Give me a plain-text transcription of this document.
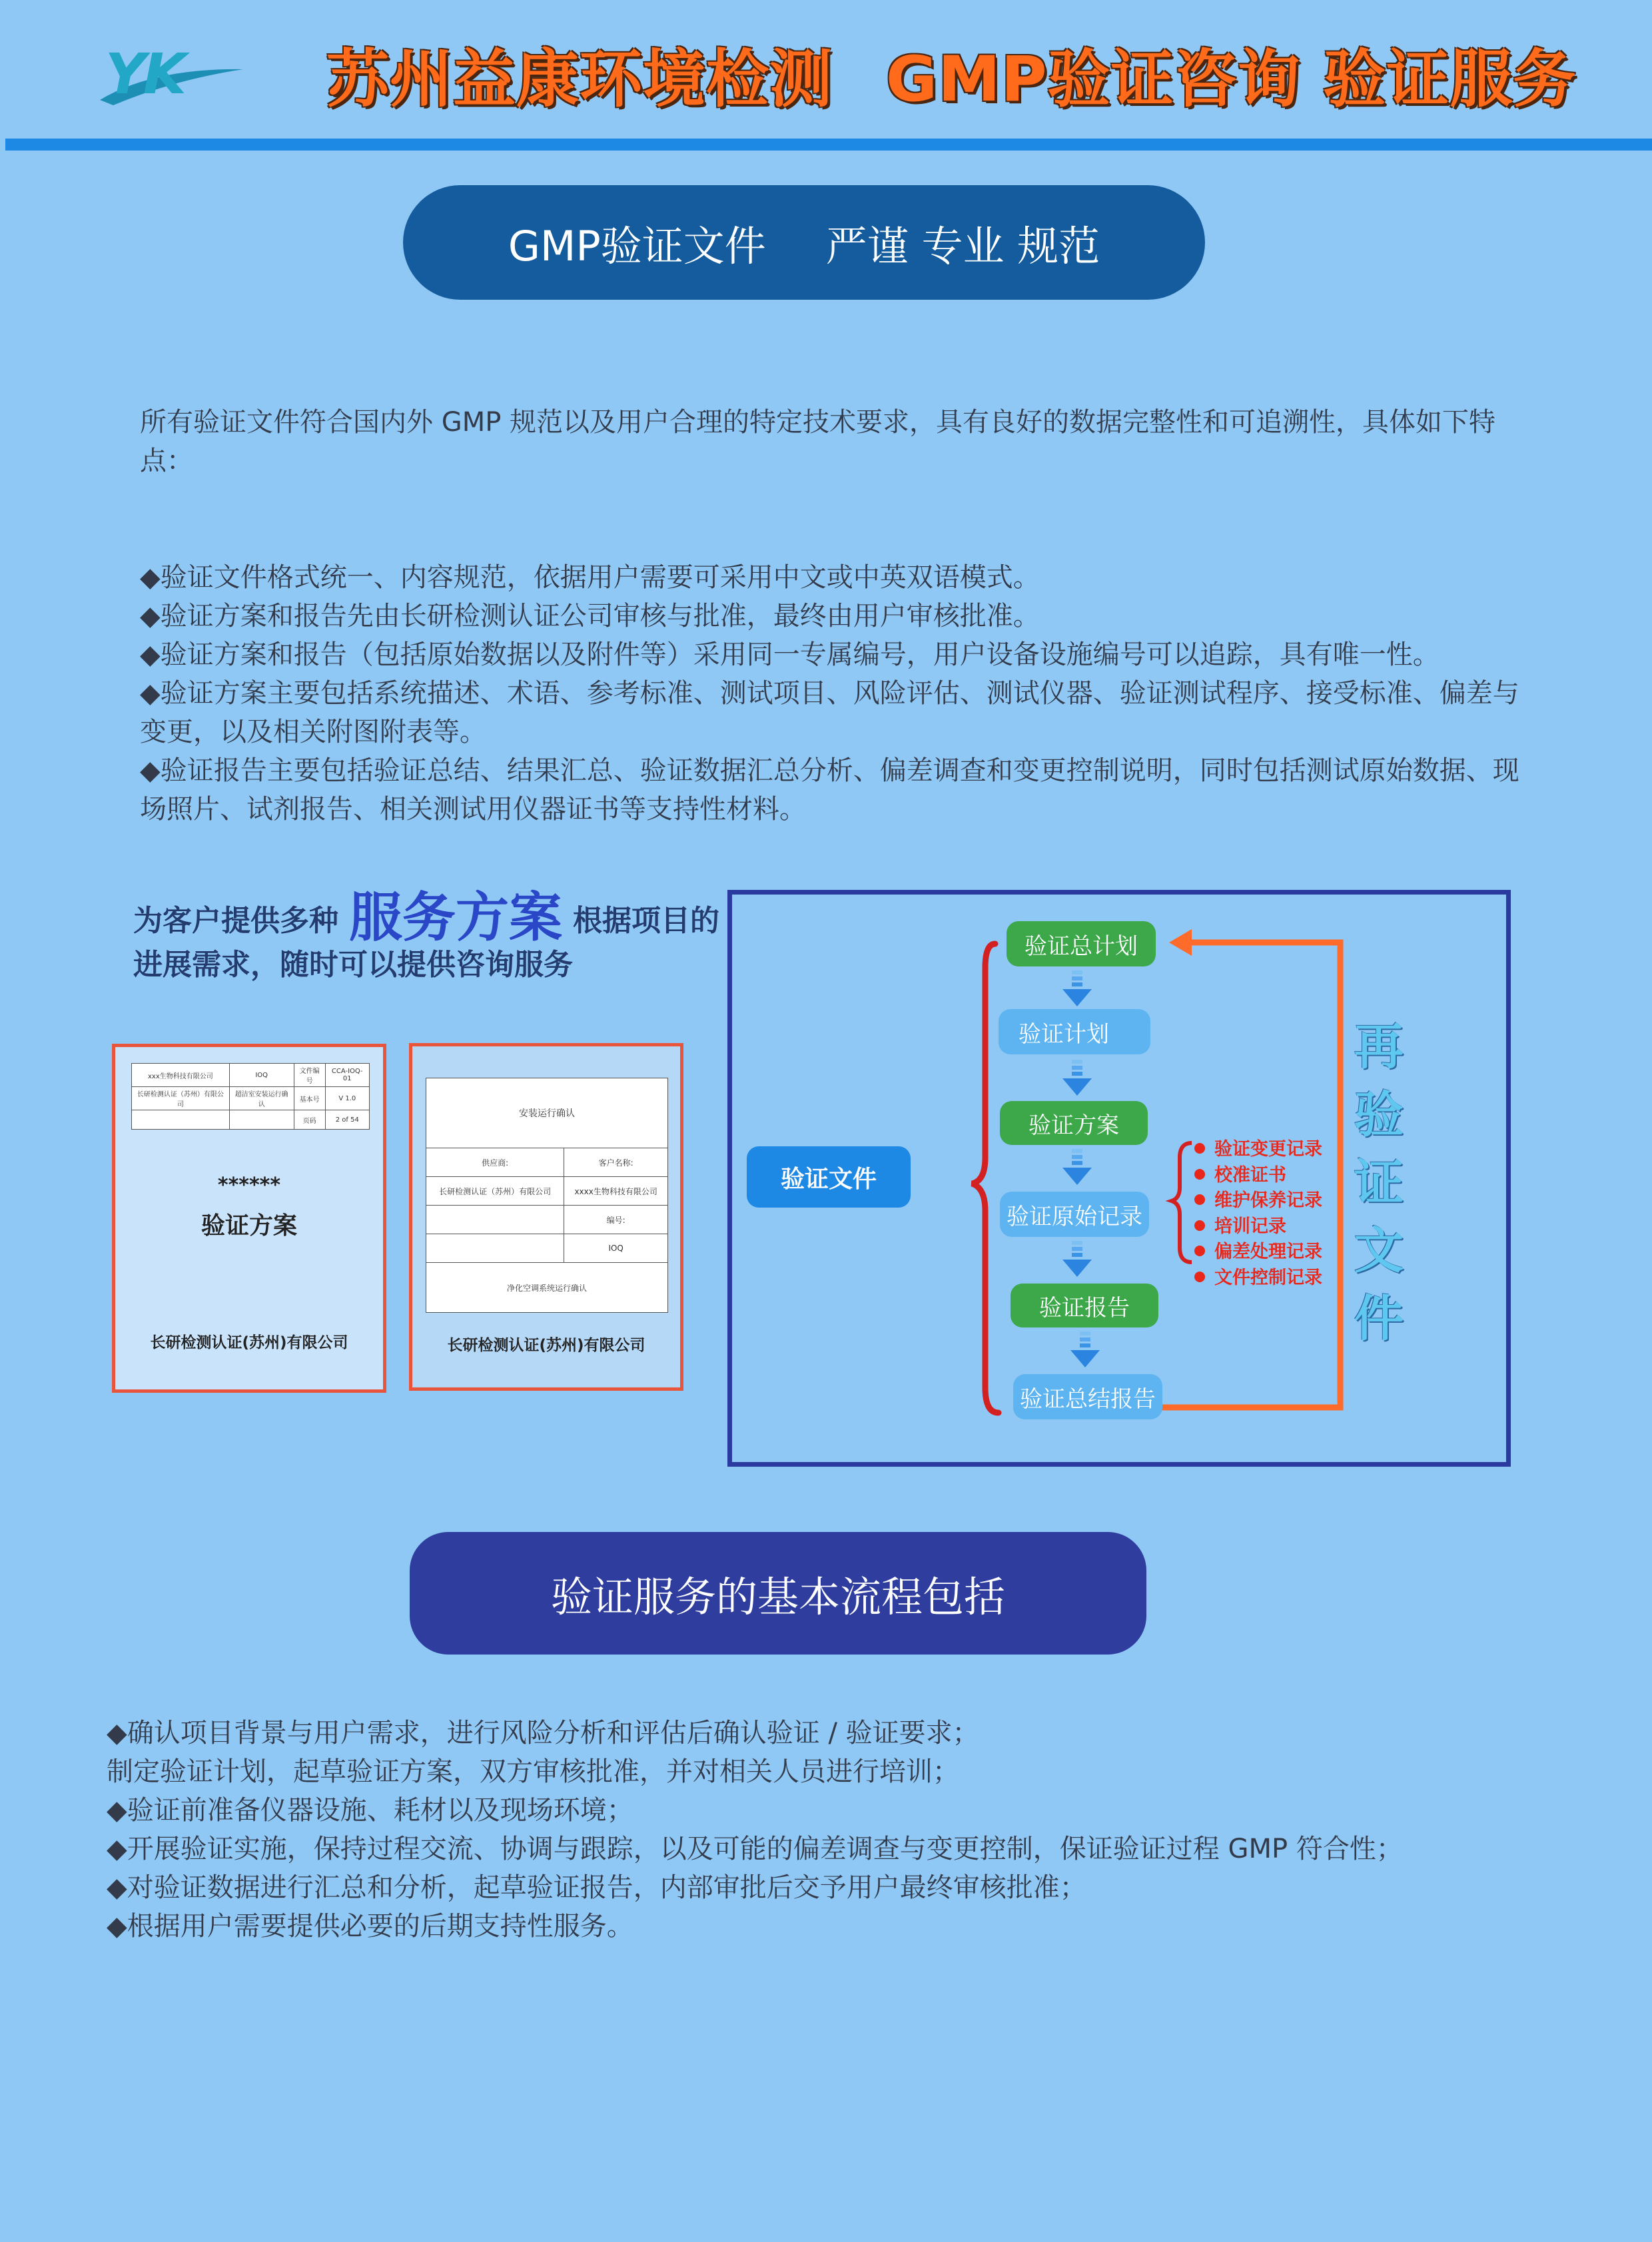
YK 苏州益康环境检测 GMP验证咨询 验证服务
GMP验证文件 严谨 专业 规范
所有验证文件符合国内外 GMP 规范以及用户合理的特定技术要求，具有良好的数据完整性和可追溯性，具体如下特点：
◆验证文件格式统一、内容规范，依据用户需要可采用中文或中英双语模式。
◆验证方案和报告先由长研检测认证公司审核与批准，最终由用户审核批准。
◆验证方案和报告（包括原始数据以及附件等）采用同一专属编号，用户设备设施编号可以追踪，具有唯一性。
◆验证方案主要包括系统描述、术语、参考标准、测试项目、风险评估、测试仪器、验证测试程序、接受标准、偏差与变更，以及相关附图附表等。
◆验证报告主要包括验证总结、结果汇总、验证数据汇总分析、偏差调查和变更控制说明，同时包括测试原始数据、现场照片、试剂报告、相关测试用仪器证书等支持性材料。
为客户提供多种 服务方案 根据项目的进展需求，随时可以提供咨询服务
xxx生物科技有限公司	IOQ	文件编号	CCA-IOQ-01
长研检测认证（苏州）有限公司	超洁室安装运行确认	基本号	V 1.0
		页码	2 of 54
******
验证方案
长研检测认证(苏州)有限公司
安装运行确认	
供应商:	客户名称:
长研检测认证（苏州）有限公司	xxxx生物科技有限公司
	编号:
	IOQ
净化空调系统运行确认	
长研检测认证(苏州)有限公司
验证文件
验证总计划
验证计划
验证方案
验证原始记录
验证报告
验证总结报告
验证变更记录
校准证书
维护保养记录
培训记录
偏差处理记录
文件控制记录
再
验
证
文
件
验证服务的基本流程包括
◆确认项目背景与用户需求，进行风险分析和评估后确认验证 / 验证要求；
制定验证计划，起草验证方案，双方审核批准，并对相关人员进行培训；
◆验证前准备仪器设施、耗材以及现场环境；
◆开展验证实施，保持过程交流、协调与跟踪，以及可能的偏差调查与变更控制，保证验证过程 GMP 符合性；
◆对验证数据进行汇总和分析，起草验证报告，内部审批后交予用户最终审核批准；
◆根据用户需要提供必要的后期支持性服务。
